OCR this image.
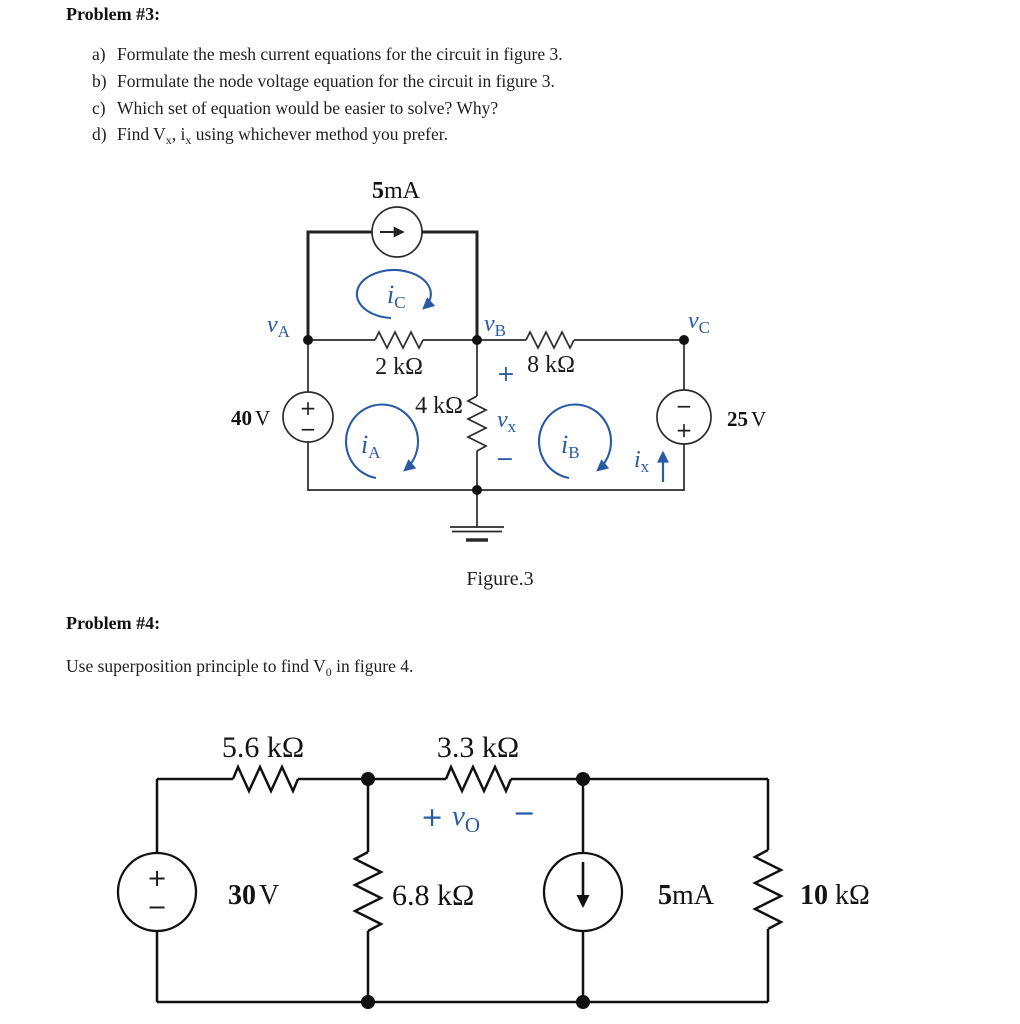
Problem #3:
a) Formulate the mesh current equations for the circuit in figure 3.
b) Formulate the node voltage equation for the circuit in figure 3.
c) Which set of equation would be easier to solve? Why?
d) Find $V_x$, $i_x$ using whichever method you prefer.
+
−
−
+
5mA
40 V	25 V
2 kΩ	8 kΩ
4 kΩ
$v_A$	$v_B$	$v_C$
iC
iA	iB
+
$v_x$
−	$i_x$
Figure.3
Problem #4:
Use superposition principle to find $V_0$ in figure 4.
+
−
5.6 kΩ	3.3 kΩ
6.8 kΩ
30 V	5mA	10 kΩ
+ $v_O$ −
